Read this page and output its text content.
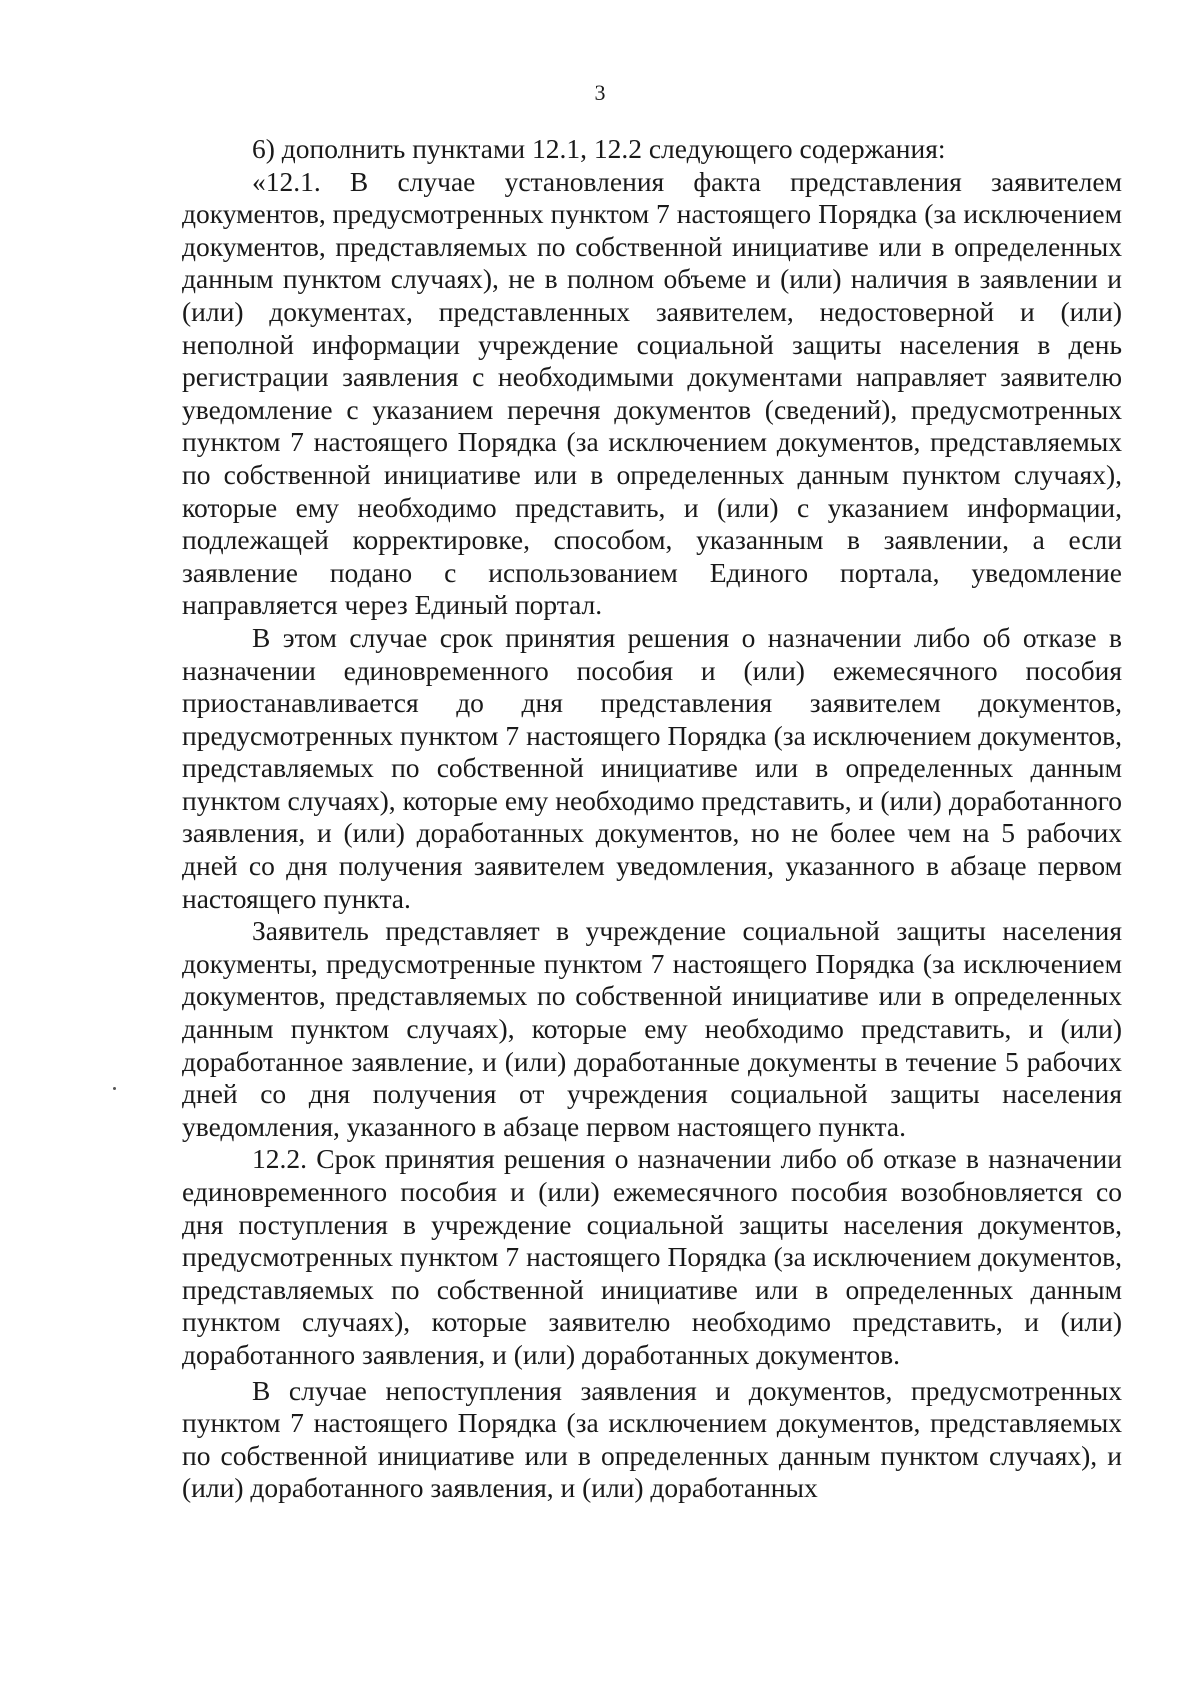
3

6) дополнить пунктами 12.1, 12.2 следующего содержания:

«12.1. В случае установления факта представления заявителем документов, предусмотренных пунктом 7 настоящего Порядка (за исключением документов, представляемых по собственной инициативе или в определенных данным пунктом случаях), не в полном объеме и (или) наличия в заявлении и (или) документах, представленных заявителем, недостоверной и (или) неполной информации учреждение социальной защиты населения в день регистрации заявления с необходимыми документами направляет заявителю уведомление с указанием перечня документов (сведений), предусмотренных пунктом 7 настоящего Порядка (за исключением документов, представляемых по собственной инициативе или в определенных данным пунктом случаях), которые ему необходимо представить, и (или) с указанием информации, подлежащей корректировке, способом, указанным в заявлении, а если заявление подано с использованием Единого портала, уведомление направляется через Единый портал.

В этом случае срок принятия решения о назначении либо об отказе в назначении единовременного пособия и (или) ежемесячного пособия приостанавливается до дня представления заявителем документов, предусмотренных пунктом 7 настоящего Порядка (за исключением документов, представляемых по собственной инициативе или в определенных данным пунктом случаях), которые ему необходимо представить, и (или) доработанного заявления, и (или) доработанных документов, но не более чем на 5 рабочих дней со дня получения заявителем уведомления, указанного в абзаце первом настоящего пункта.

Заявитель представляет в учреждение социальной защиты населения документы, предусмотренные пунктом 7 настоящего Порядка (за исключением документов, представляемых по собственной инициативе или в определенных данным пунктом случаях), которые ему необходимо представить, и (или) доработанное заявление, и (или) доработанные документы в течение 5 рабочих дней со дня получения от учреждения социальной защиты населения уведомления, указанного в абзаце первом настоящего пункта.

12.2. Срок принятия решения о назначении либо об отказе в назначении единовременного пособия и (или) ежемесячного пособия возобновляется со дня поступления в учреждение социальной защиты населения документов, предусмотренных пунктом 7 настоящего Порядка (за исключением документов, представляемых по собственной инициативе или в определенных данным пунктом случаях), которые заявителю необходимо представить, и (или) доработанного заявления, и (или) доработанных документов.

В случае непоступления заявления и документов, предусмотренных пунктом 7 настоящего Порядка (за исключением документов, представляемых по собственной инициативе или в определенных данным пунктом случаях), и (или) доработанного заявления, и (или) доработанных
